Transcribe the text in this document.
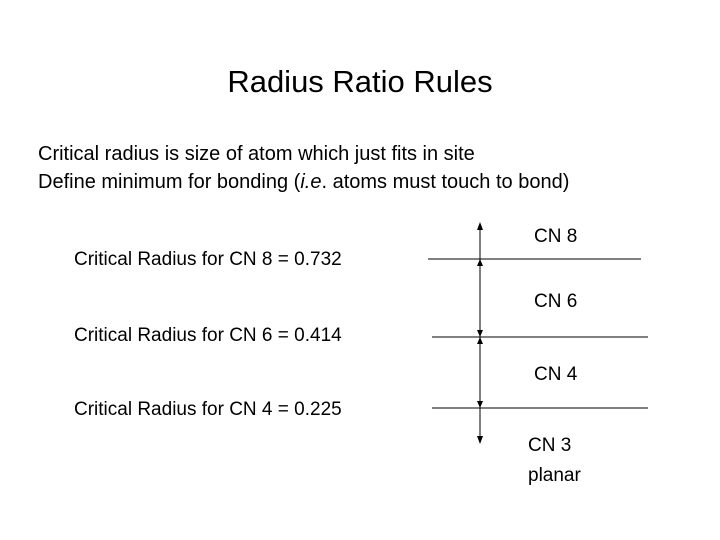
Radius Ratio Rules
Critical radius is size of atom which just fits in site
Define minimum for bonding (i.e. atoms must touch to bond)
Critical Radius for CN 8 = 0.732
Critical Radius for CN 6 = 0.414
Critical Radius for CN 4 = 0.225
CN 8
CN 6
CN 4
CN 3
planar
